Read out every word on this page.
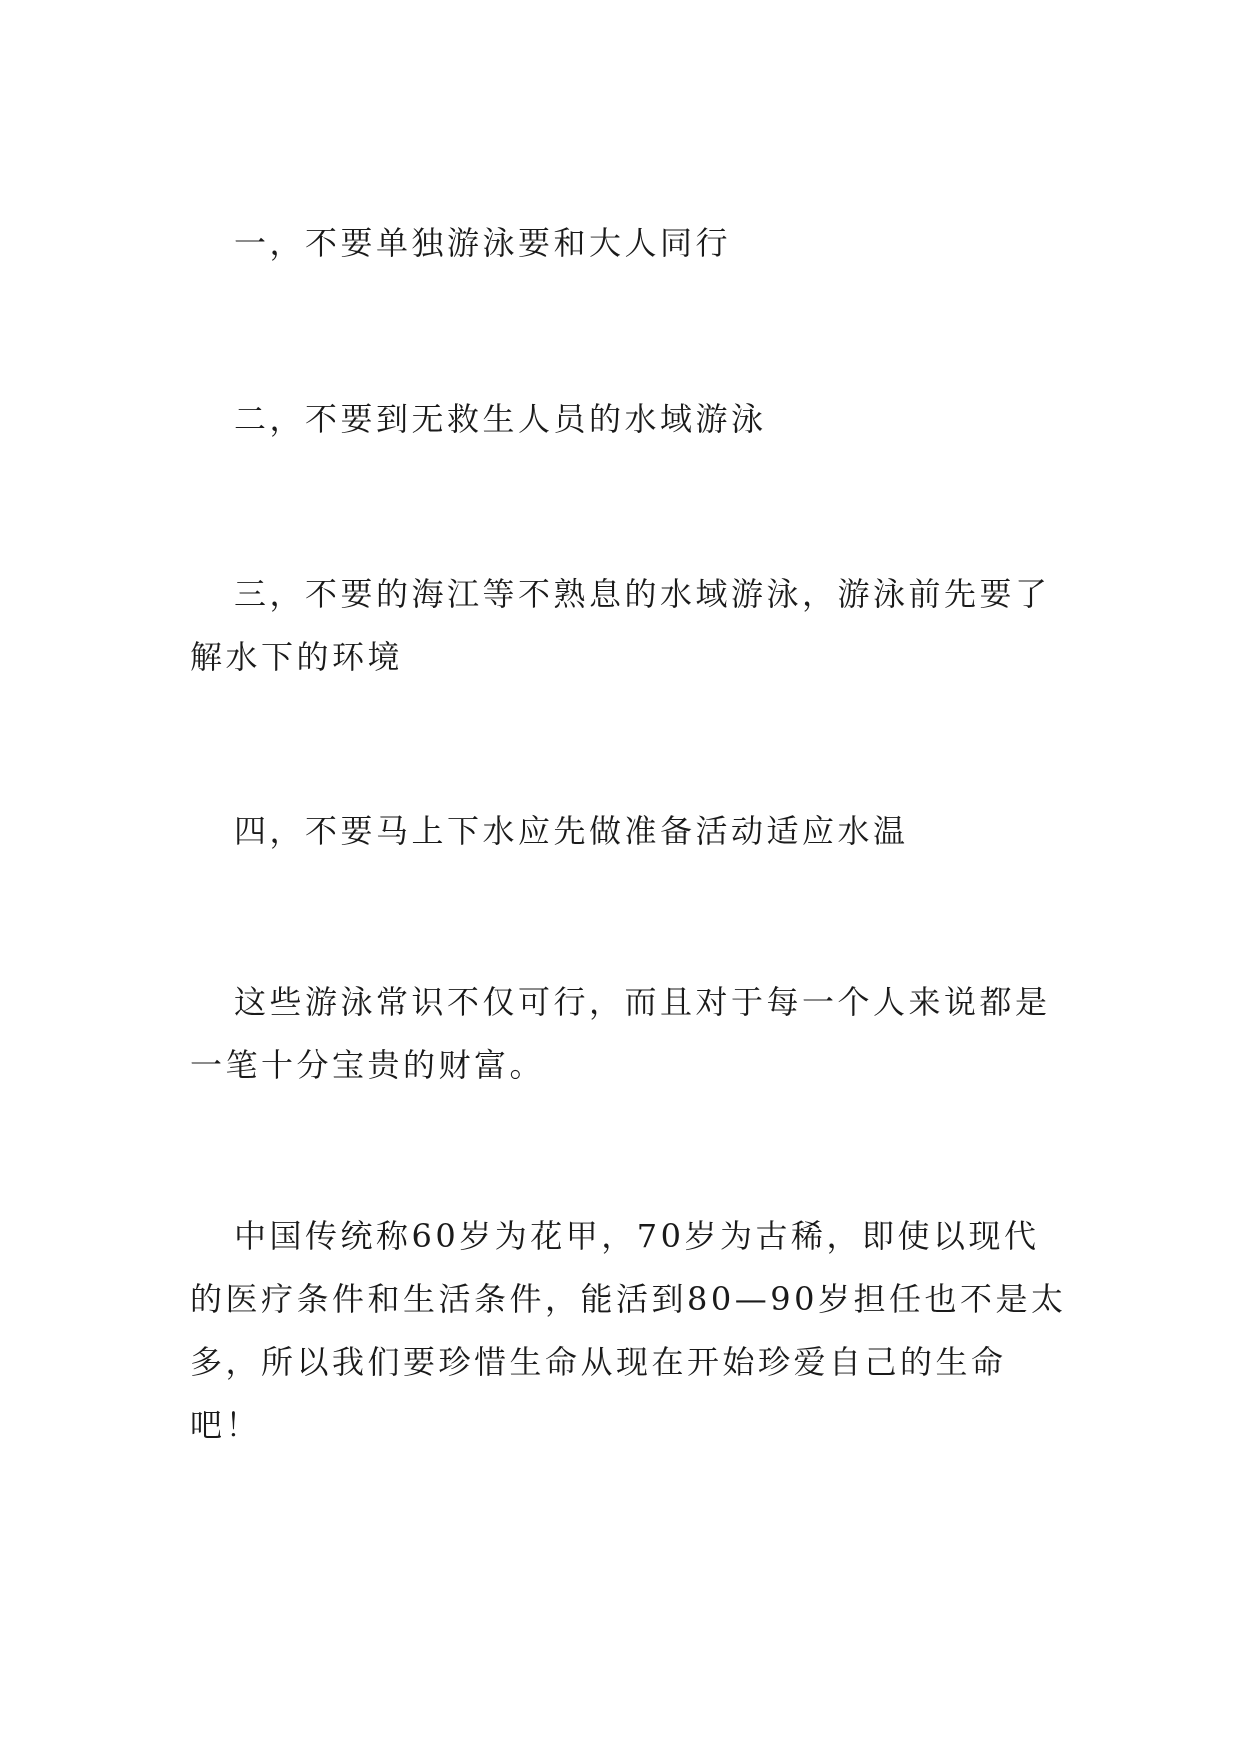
一，不要单独游泳要和大人同行

二，不要到无救生人员的水域游泳

三，不要的海江等不熟息的水域游泳，游泳前先要了解水下的环境

四，不要马上下水应先做准备活动适应水温

这些游泳常识不仅可行，而且对于每一个人来说都是一笔十分宝贵的财富。

中国传统称60岁为花甲，70岁为古稀，即使以现代的医疗条件和生活条件，能活到80—90岁担任也不是太多，所以我们要珍惜生命从现在开始珍爱自己的生命吧！
